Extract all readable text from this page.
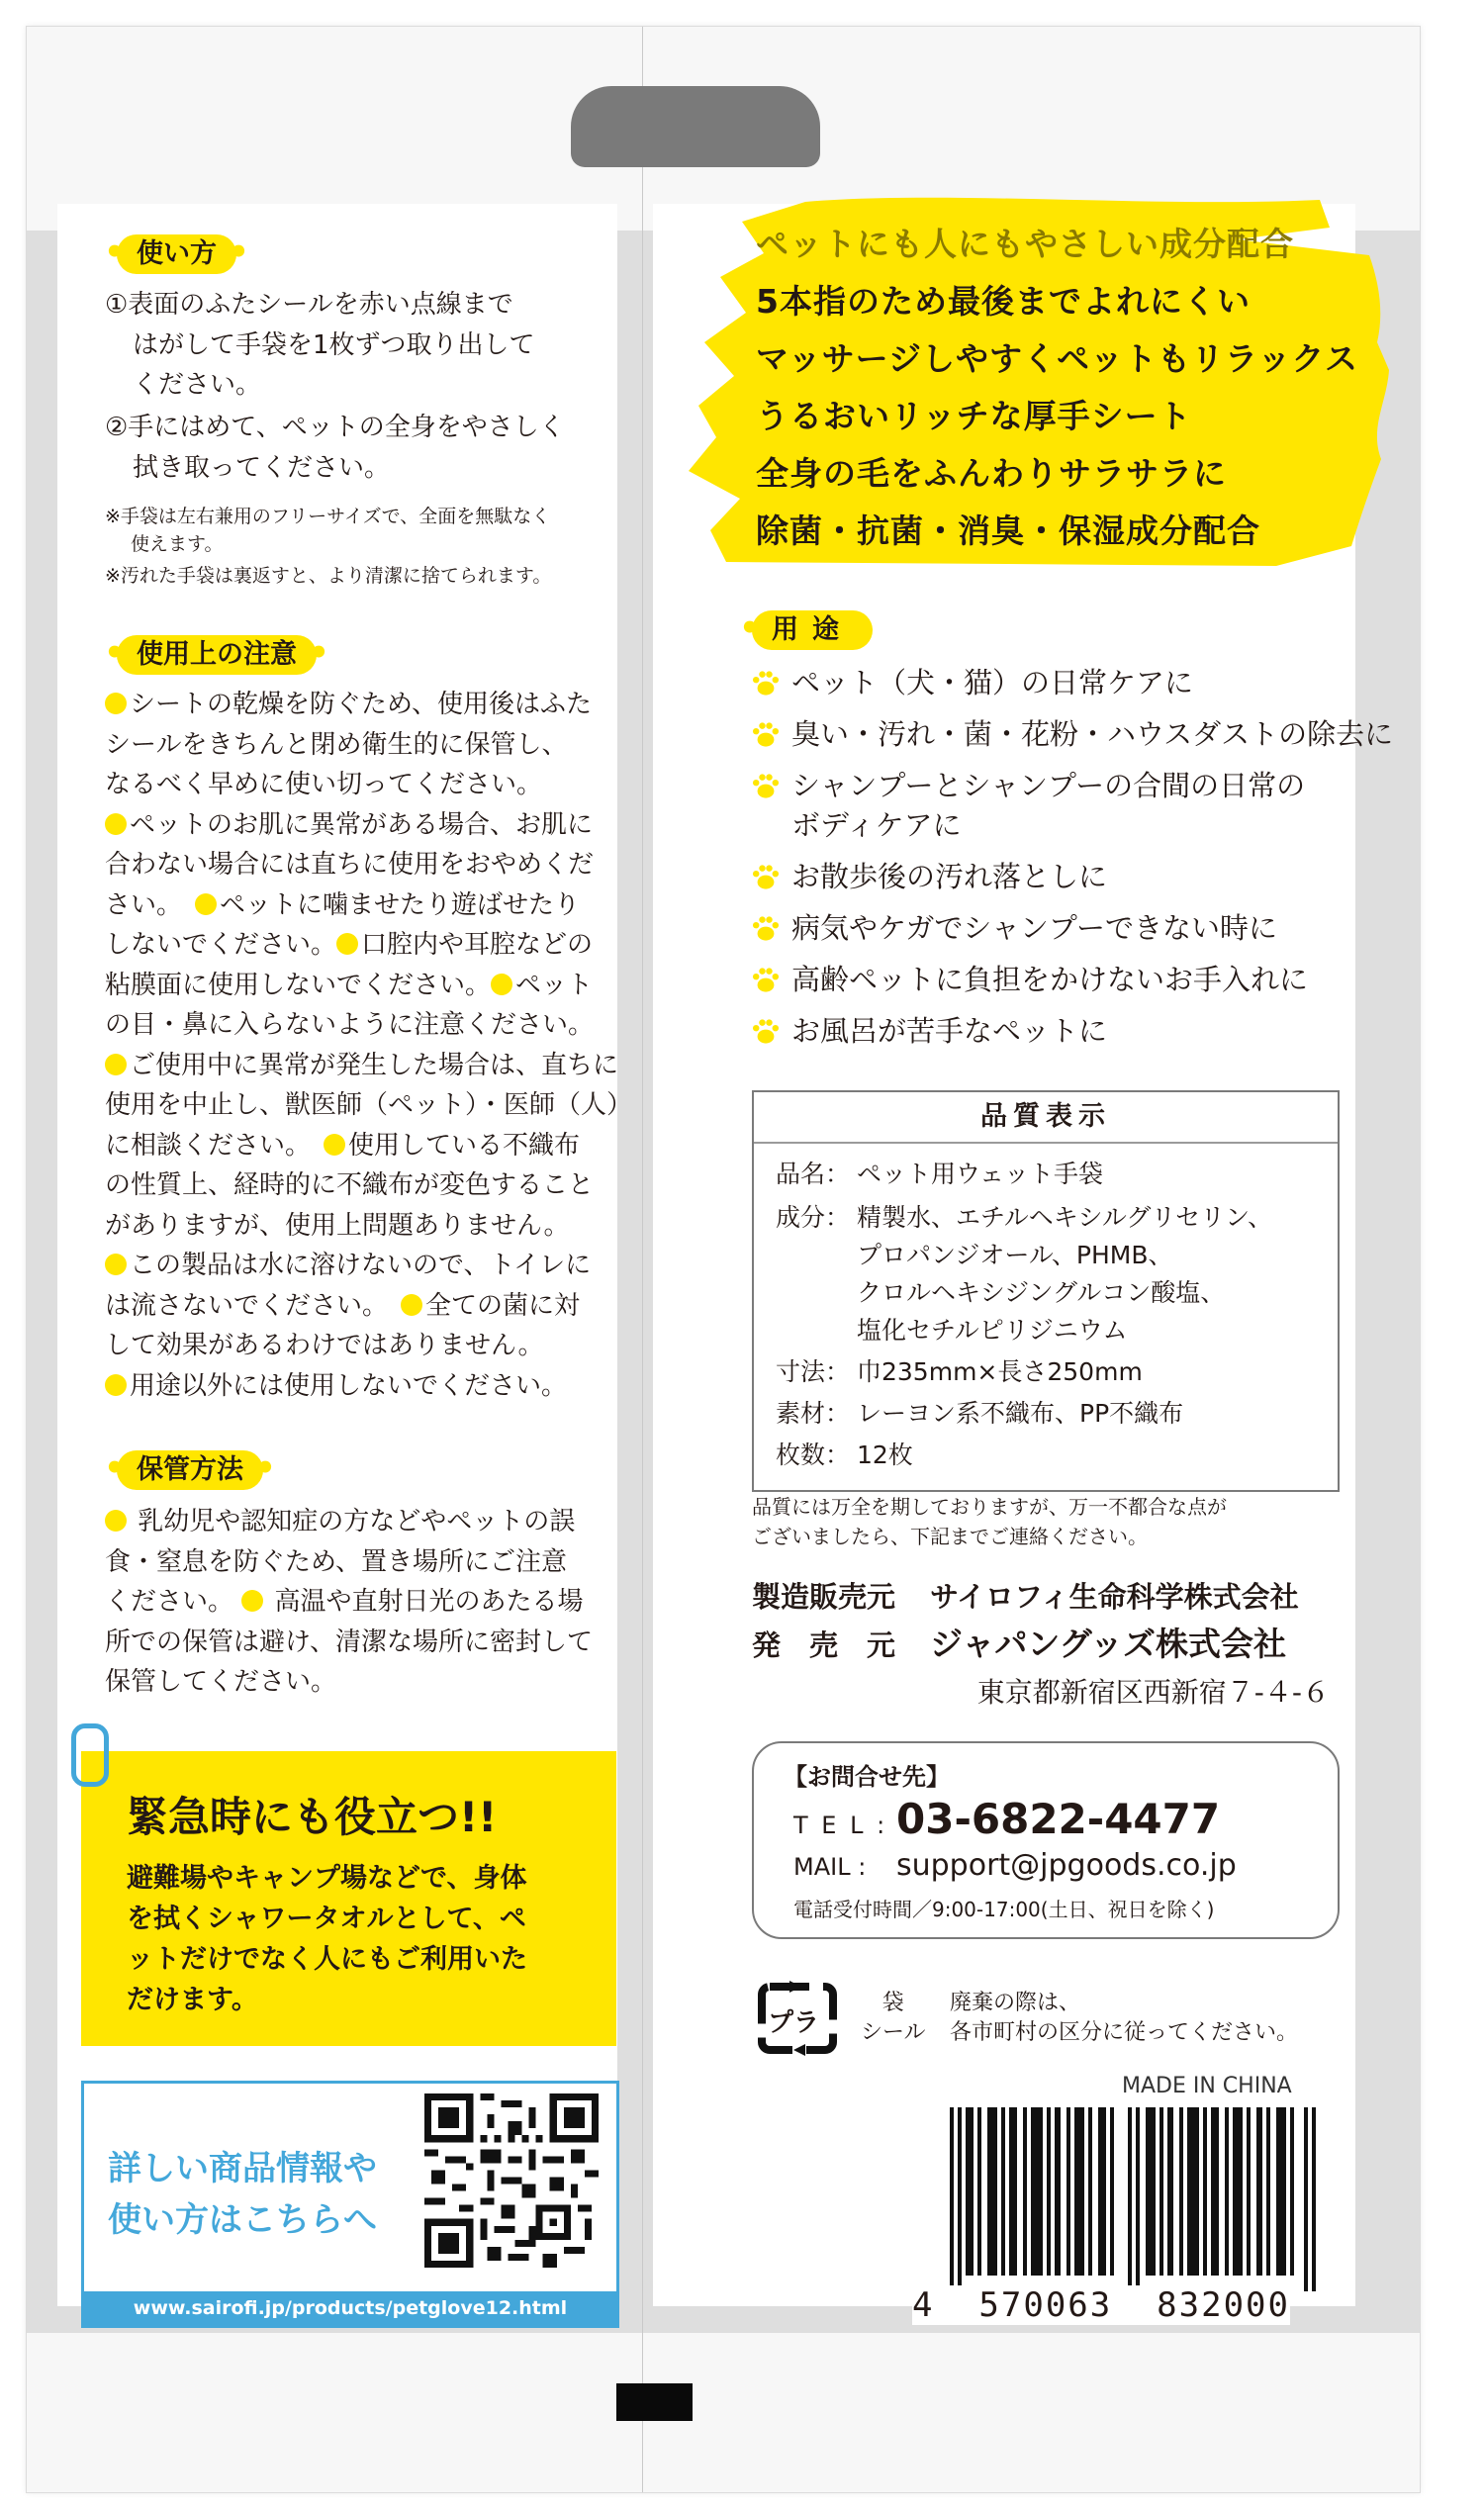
• 使い方 •
①表面のふたシールを赤い点線まで
はがして手袋を1枚ずつ取り出して
ください。
②手にはめて、ペットの全身をやさしく
拭き取ってください。
※手袋は左右兼用のフリーサイズで、全面を無駄なく
使えます。
※汚れた手袋は裏返すと、より清潔に捨てられます。
• 使用上の注意 •
シートの乾燥を防ぐため、使用後はふた
シールをきちんと閉め衛生的に保管し、
なるべく早めに使い切ってください。
ペットのお肌に異常がある場合、お肌に
合わない場合には直ちに使用をおやめくだ
さい。　 ペットに噛ませたり遊ばせたり
しないでください。 口腔内や耳腔などの
粘膜面に使用しないでください。 ペット
の目・鼻に入らないように注意ください。
ご使用中に異常が発生した場合は、直ちに
使用を中止し、獣医師（ペット）・医師（人）
に相談ください。　 使用している不織布
の性質上、経時的に不織布が変色すること
がありますが、使用上問題ありません。
この製品は水に溶けないので、トイレに
は流さないでください。　 全ての菌に対
して効果があるわけではありません。
用途以外には使用しないでください。
• 保管方法 •
乳幼児や認知症の方などやペットの誤
食・窒息を防ぐため、置き場所にご注意
ください。 高温や直射日光のあたる場
所での保管は避け、清潔な場所に密封して
保管してください。
緊急時にも役立つ!!
避難場やキャンプ場などで、身体
を拭くシャワータオルとして、ペ
ットだけでなく人にもご利用いた
だけます。
詳しい商品情報や
使い方はこちらへ
www.sairofi.jp/products/petglove12.html
ペットにも人にもやさしい成分配合
5本指のため最後までよれにくい
マッサージしやすくペットもリラックス
うるおいリッチな厚手シート
全身の毛をふんわりサラサラに
除菌・抗菌・消臭・保湿成分配合
• 用途 •
ペット（犬・猫）の日常ケアに
臭い・汚れ・菌・花粉・ハウスダストの除去に
シャンプーとシャンプーの合間の日常の
ボディケアに
お散歩後の汚れ落としに
病気やケガでシャンプーできない時に
高齢ペットに負担をかけないお手入れに
お風呂が苦手なペットに
品質表示
品名： ペット用ウェット手袋
成分： 精製水、エチルヘキシルグリセリン、
プロパンジオール、PHMB、
クロルヘキシジングルコン酸塩、
塩化セチルピリジニウム
寸法： 巾235mm×長さ250mm
素材： レーヨン系不織布、PP不織布
枚数： 12枚
品質には万全を期しておりますが、万一不都合な点が
ございましたら、下記までご連絡ください。
製造販売元 サイロフィ生命科学株式会社
発　売　元 ジャパングッズ株式会社
東京都新宿区西新宿７-４-６
【お問合せ先】
T E L : 03-6822-4477
MAIL : support@jpgoods.co.jp
電話受付時間／9:00-17:00(土日、祝日を除く)
プラ
袋
シール
廃棄の際は、
各市町村の区分に従ってください。
MADE IN CHINA
4  570063  832000
